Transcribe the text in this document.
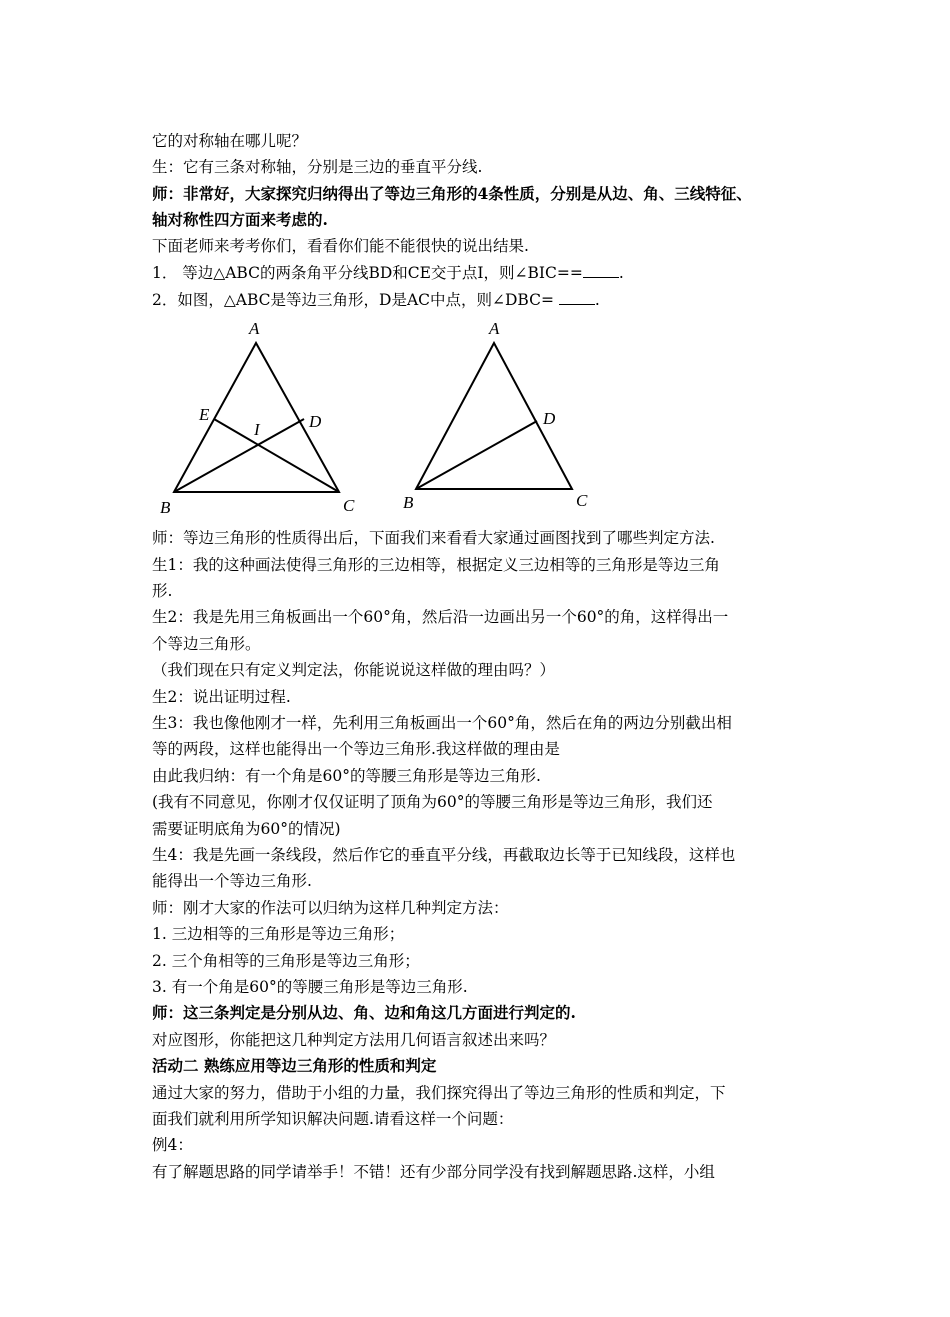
它的对称轴在哪儿呢？
生：它有三条对称轴，分别是三边的垂直平分线.
师：非常好，大家探究归纳得出了等边三角形的4条性质，分别是从边、角、三线特征、
轴对称性四方面来考虑的.
下面老师来考考你们，看看你们能不能很快的说出结果.
1． 等边△ABC的两条角平分线BD和CE交于点I，则∠BIC== .
2．如图，△ABC是等边三角形，D是AC中点，则∠DBC=	.
A
E
I	D
B	C
A
D
B	C
师：等边三角形的性质得出后，下面我们来看看大家通过画图找到了哪些判定方法.
生1：我的这种画法使得三角形的三边相等，根据定义三边相等的三角形是等边三角
形.
生2：我是先用三角板画出一个60°角，然后沿一边画出另一个60°的角，这样得出一
个等边三角形。
（我们现在只有定义判定法，你能说说这样做的理由吗？）
生2：说出证明过程.
生3：我也像他刚才一样，先利用三角板画出一个60°角，然后在角的两边分别截出相
等的两段，这样也能得出一个等边三角形.我这样做的理由是
由此我归纳：有一个角是60°的等腰三角形是等边三角形.
(我有不同意见，你刚才仅仅证明了顶角为60°的等腰三角形是等边三角形，我们还
需要证明底角为60°的情况)
生4：我是先画一条线段，然后作它的垂直平分线，再截取边长等于已知线段，这样也
能得出一个等边三角形.
师：刚才大家的作法可以归纳为这样几种判定方法：
1. 三边相等的三角形是等边三角形；
2. 三个角相等的三角形是等边三角形；
3. 有一个角是60°的等腰三角形是等边三角形.
师：这三条判定是分别从边、角、边和角这几方面进行判定的.
对应图形，你能把这几种判定方法用几何语言叙述出来吗？
活动二 熟练应用等边三角形的性质和判定
通过大家的努力，借助于小组的力量，我们探究得出了等边三角形的性质和判定，下
面我们就利用所学知识解决问题.请看这样一个问题：
例4：
有了解题思路的同学请举手！不错！还有少部分同学没有找到解题思路.这样，小组
